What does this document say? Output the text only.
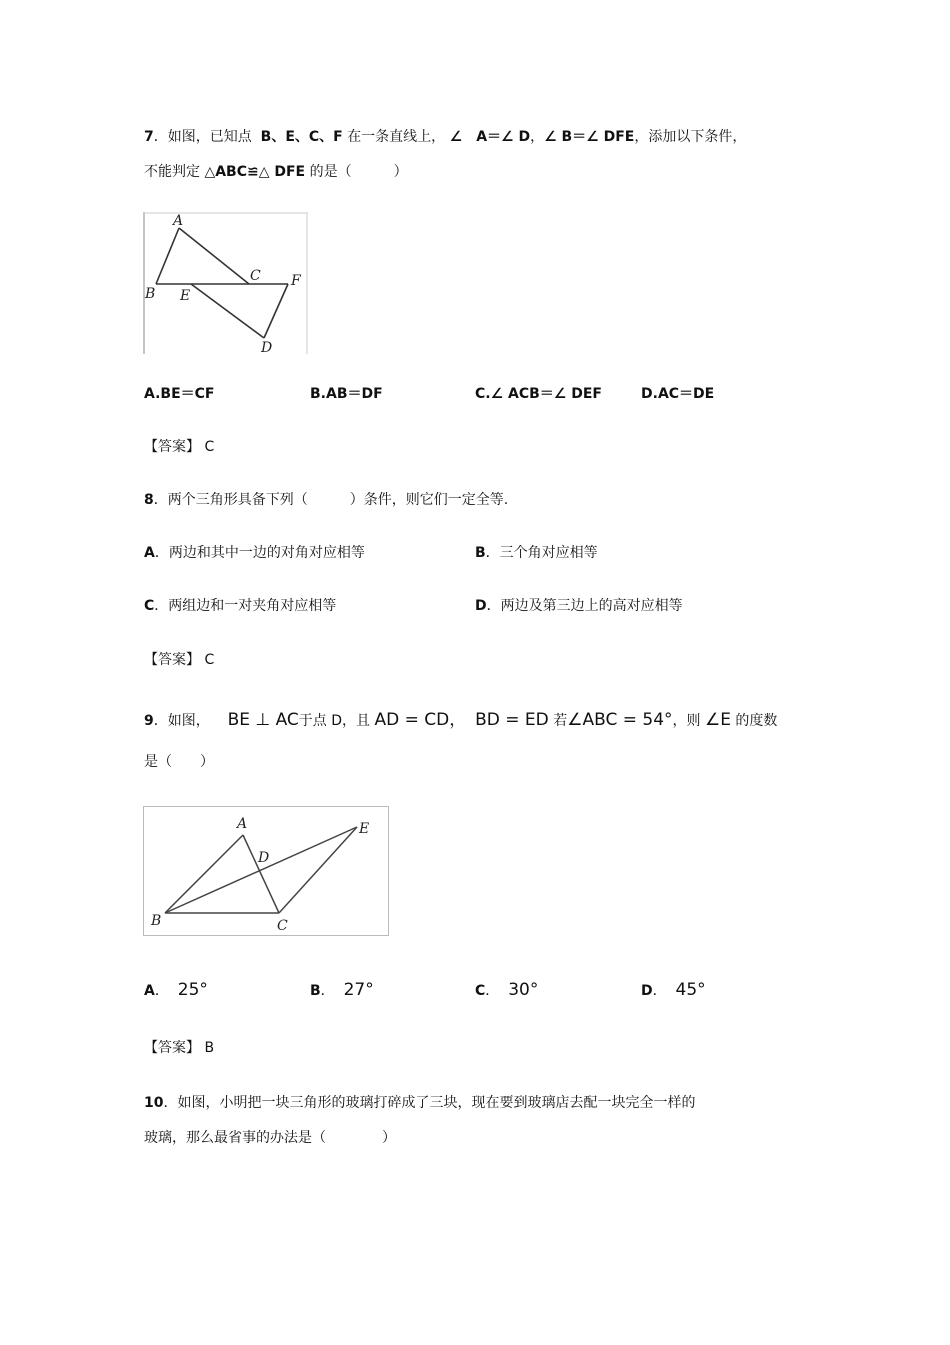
7．如图，已知点 B、E、C、F 在一条直线上， ∠　A＝∠ D，∠ B＝∠ DFE，添加以下条件，
不能判定 △ABC≌△ DFE 的是（　　　）
A
B E
C F
D
A.BE＝CF	B.AB＝DF	C.∠ ACB＝∠ DEF	D.AC＝DE
【答案】 C
8．两个三角形具备下列（　　　）条件，则它们一定全等.
A．两边和其中一边的对角对应相等	B．三个角对应相等
C．两组边和一对夹角对应相等	D．两边及第三边上的高对应相等
【答案】 C
9．如图， BE ⊥ AC于点 D，且 AD = CD， BD = ED 若∠ABC = 54°，则 ∠E 的度数
是（　　）
A	E
D
B	C
A．  25°	B．  27°	C．  30°	D．  45°
【答案】 B
10．如图，小明把一块三角形的玻璃打碎成了三块，现在要到玻璃店去配一块完全一样的
玻璃，那么最省事的办法是（　　　　）
